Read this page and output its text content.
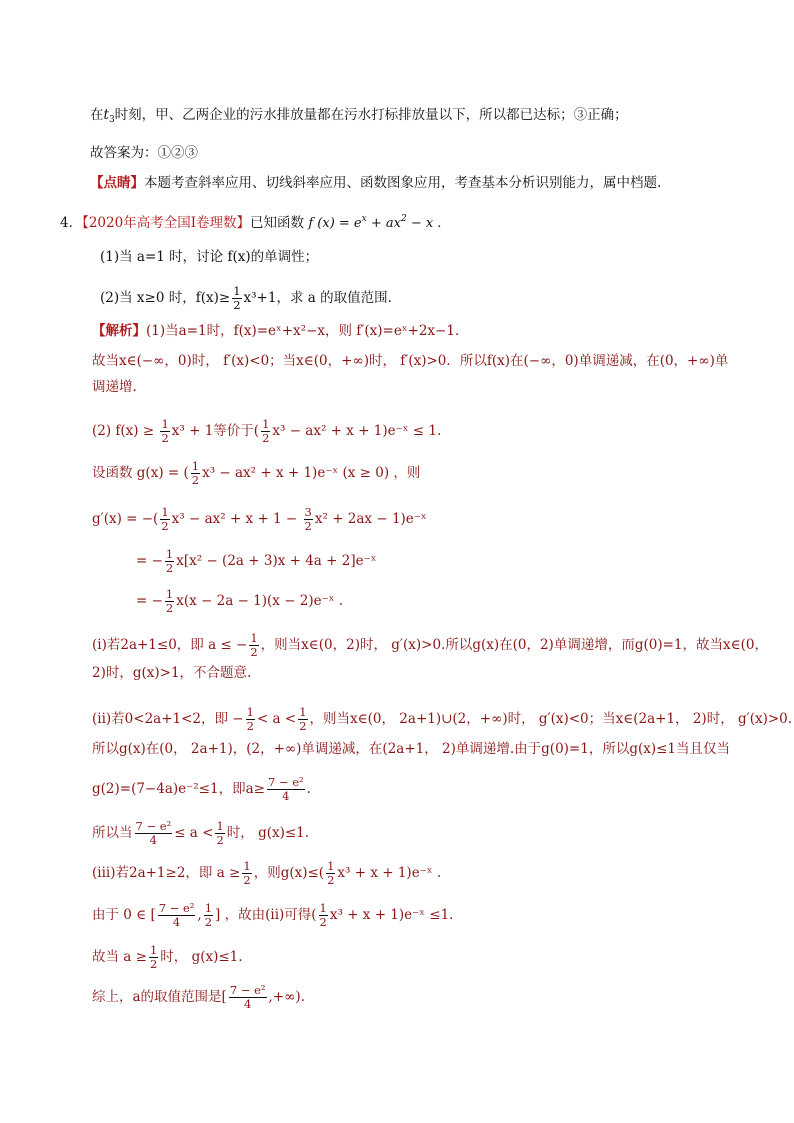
在$t_3$时刻，甲、乙两企业的污水排放量都在污水打标排放量以下，所以都已达标；③正确；
故答案为：①②③
【点睛】本题考查斜率应用、切线斜率应用、函数图象应用，考查基本分析识别能力，属中档题.
4．【2020年高考全国Ⅰ卷理数】已知函数 f $(x) = e^x + ax^2 - x$ .
(1)当 a=1 时，讨论 f(x)的单调性；
(2)当 x≥0 时，$f(x)\ge \frac{1}{2} x^3+1$，求 a 的取值范围.
【解析】(1)当a=1时，f(x)=eˣ+x²−x，则 f′(x)=eˣ+2x−1．
故当x∈(−∞，0)时， f′(x)<0；当x∈(0，+∞)时， f′(x)>0．所以f(x)在(−∞，0)单调递减，在(0，+∞)单
调递增.
(2) $f(x) \ge \frac{1}{2} x^3 + 1$等价于( $\frac{1}{2} x^3 - ax^2 + x$ + 1)e⁻ˣ ≤ 1.
设函数 g(x) = ( $\frac{1}{2} x^3 - ax^2 + x$ + 1)e⁻ˣ (x ≥ 0) ，则
g′(x) = −( $\frac{1}{2} x^3 - ax^2 + x + 1 - \frac{3}{2} x^2 + 2ax$ − 1)e⁻ˣ
= − $\frac{1}{2} x[x^2 - (2a + 3)x + 4a$ + 2]e⁻ˣ
= − $\frac{1}{2} x(x - 2a - 1)(x$ − 2)e⁻ˣ .
(i)若2a+1≤0，即 a ≤ − $\frac{1}{2}$ ，则当x∈(0，2)时， g′(x)>0.所以g(x)在(0，2)单调递增，而g(0)=1，故当x∈(0，
2)时，g(x)>1，不合题意.
(ii)若0<2a+1<2，即 − $\frac{1}{2} < a < \frac{1}{2}$ ，则当x∈(0， 2a+1)∪(2，+∞)时， g′(x)<0；当x∈(2a+1， 2)时， g′(x)>0.
所以g(x)在(0， 2a+1)，(2，+∞)单调递减，在(2a+1， 2)单调递增.由于g(0)=1，所以g(x)≤1当且仅当
g(2)=(7−4a)e⁻²≤1，即$a\ge \frac{\text{7 − e²}}{4}$ .
所以当 $\frac{\text{7 − e²}}{4} \le a < \frac{1}{2}$ 时， g(x)≤1.
(iii)若2a+1≥2，即 $a \ge \frac{1}{2}$ ，则$g(x)\le( \frac{1}{2} x^3 + x$ + 1)e⁻ˣ .
由于 0 ∈ [ $\frac{\text{7 − e²}}{4}$ , $\frac{1}{2}$ ] ，故由(ii)可得( $\frac{1}{2} x^3 + x$ + 1)e⁻ˣ ≤1.
故当 $a \ge \frac{1}{2}$ 时， g(x)≤1.
综上，a的取值范围是[ $\frac{\text{7 − e²}}{4}$ ,+∞).
